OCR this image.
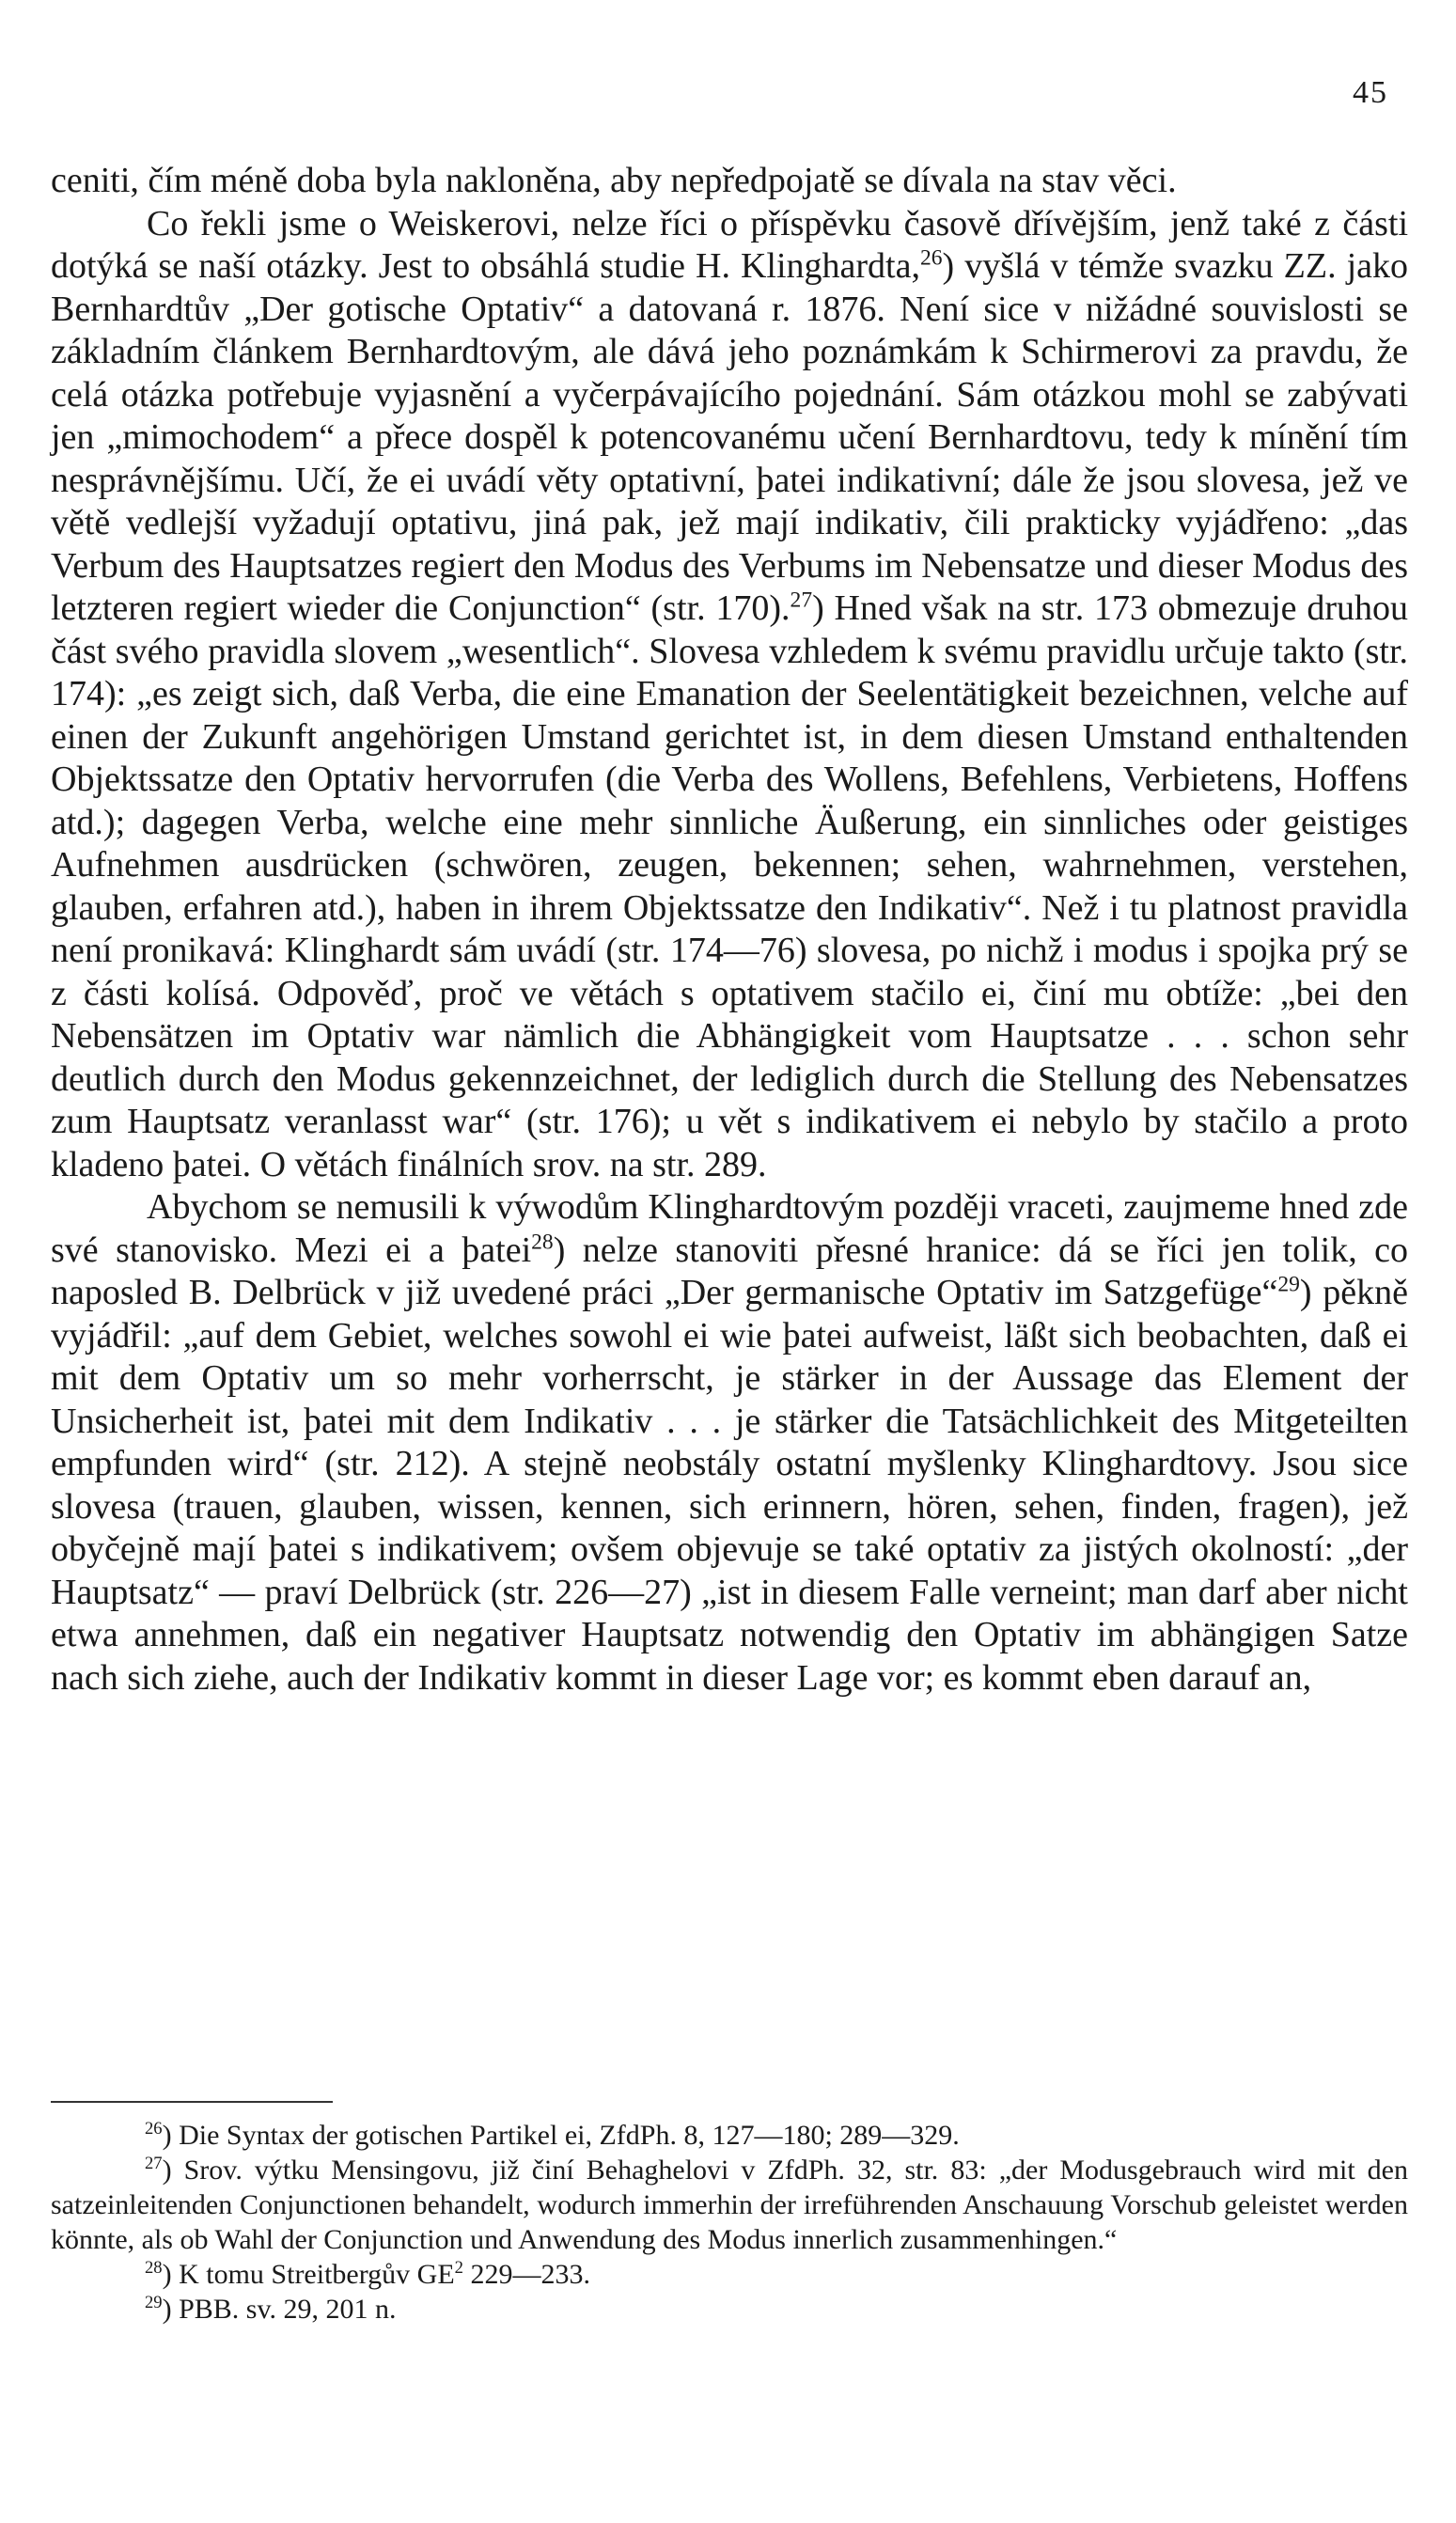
45

ceniti, čím méně doba byla nakloněna, aby nepředpojatě se dívala na stav věci.

Co řekli jsme o Weiskerovi, nelze říci o příspěvku časově dřívějším, jenž také z části dotýká se naší otázky. Jest to obsáhlá studie H. Klinghardta,$^{26}$) vyšlá v témže svazku ZZ. jako Bernhardtův „Der gotische Optativ“ a datovaná r. 1876. Není sice v nižádné souvislosti se základním článkem Bernhardtovým, ale dává jeho poznámkám k Schirmerovi za pravdu, že celá otázka potřebuje vyjasnění a vyčerpávajícího pojednání. Sám otázkou mohl se zabývati jen „mimochodem“ a přece dospěl k potencovanému učení Bernhardtovu, tedy k mínění tím nesprávnějšímu. Učí, že ei uvádí věty optativní, þatei indikativní; dále že jsou slovesa, jež ve větě vedlejší vyžadují optativu, jiná pak, jež mají indikativ, čili prakticky vyjádřeno: „das Verbum des Hauptsatzes regiert den Modus des Verbums im Nebensatze und dieser Modus des letzteren regiert wieder die Conjunction“ (str. 170).$^{27}$) Hned však na str. 173 obmezuje druhou část svého pravidla slovem „wesentlich“. Slovesa vzhledem k svému pravidlu určuje takto (str. 174): „es zeigt sich, daß Verba, die eine Emanation der Seelentätigkeit bezeichnen, velche auf einen der Zukunft angehörigen Umstand gerichtet ist, in dem diesen Umstand enthaltenden Objektssatze den Optativ hervorrufen (die Verba des Wollens, Befehlens, Verbietens, Hoffens atd.); dagegen Verba, welche eine mehr sinnliche Äußerung, ein sinnliches oder geistiges Aufnehmen ausdrücken (schwören, zeugen, bekennen; sehen, wahrnehmen, verstehen, glauben, erfahren atd.), haben in ihrem Objektssatze den Indikativ“. Než i tu platnost pravidla není pronikavá: Klinghardt sám uvádí (str. 174—76) slovesa, po nichž i modus i spojka prý se z části kolísá. Odpověď, proč ve větách s optativem stačilo ei, činí mu obtíže: „bei den Nebensätzen im Optativ war nämlich die Abhängigkeit vom Hauptsatze . . . schon sehr deutlich durch den Modus gekennzeichnet, der lediglich durch die Stellung des Nebensatzes zum Hauptsatz veranlasst war“ (str. 176); u vět s indikativem ei nebylo by stačilo a proto kladeno þatei. O větách finálních srov. na str. 289.

Abychom se nemusili k výwodům Klinghardtovým později vraceti, zaujmeme hned zde své stanovisko. Mezi ei a þatei$^{28}$) nelze stanoviti přesné hranice: dá se říci jen tolik, co naposled B. Delbrück v již uvedené práci „Der germanische Optativ im Satzgefüge“$^{29}$) pěkně vyjádřil: „auf dem Gebiet, welches sowohl ei wie þatei aufweist, läßt sich beobachten, daß ei mit dem Optativ um so mehr vorherrscht, je stärker in der Aussage das Element der Unsicherheit ist, þatei mit dem Indikativ . . . je stärker die Tatsächlichkeit des Mitgeteilten empfunden wird“ (str. 212). A stejně neobstály ostatní myšlenky Klinghardtovy. Jsou sice slovesa (trauen, glauben, wissen, kennen, sich erinnern, hören, sehen, finden, fragen), jež obyčejně mají þatei s indikativem; ovšem objevuje se také optativ za jistých okolností: „der Hauptsatz“ — praví Delbrück (str. 226—27) „ist in diesem Falle verneint; man darf aber nicht etwa annehmen, daß ein negativer Hauptsatz notwendig den Optativ im abhängigen Satze nach sich ziehe, auch der Indikativ kommt in dieser Lage vor; es kommt eben darauf an,

$^{26}$) Die Syntax der gotischen Partikel ei, ZfdPh. 8, 127—180; 289—329.

$^{27}$) Srov. výtku Mensingovu, již činí Behaghelovi v ZfdPh. 32, str. 83: „der Modusgebrauch wird mit den satzeinleitenden Conjunctionen behandelt, wodurch immerhin der irreführenden Anschauung Vorschub geleistet werden könnte, als ob Wahl der Conjunction und Anwendung des Modus innerlich zusammenhingen.“

$^{28}$) K tomu Streitbergův $GE^2$ 229—233.

$^{29}$) PBB. sv. 29, 201 n.
